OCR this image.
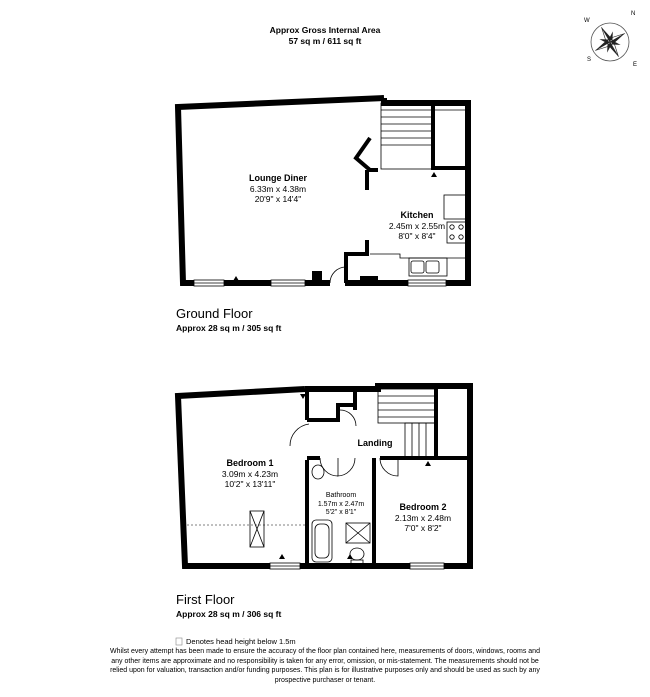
Approx Gross Internal Area
57 sq m / 611 sq ft
N
S
E
W
Lounge Diner
6.33m x 4.38m
20'9" x 14'4"
Kitchen
2.45m x 2.55m
8'0" x 8'4"
Ground Floor
Approx 28 sq m / 305 sq ft
Bedroom 1
3.09m x 4.23m
10'2" x 13'11"
Bathroom
1.57m x 2.47m
5'2" x 8'1"
Bedroom 2
2.13m x 2.48m
7'0" x 8'2"
Landing
First Floor
Approx 28 sq m / 306 sq ft
Denotes head height below 1.5m
Whilst every attempt has been made to ensure the accuracy of the floor plan contained here, measurements of doors, windows, rooms and
any other items are approximate and no responsibility is taken for any error, omission, or mis-statement. The measurements should not be
relied upon for valuation, transaction and/or funding purposes. This plan is for illustrative purposes only and should be used as such by any
prospective purchaser or tenant.
